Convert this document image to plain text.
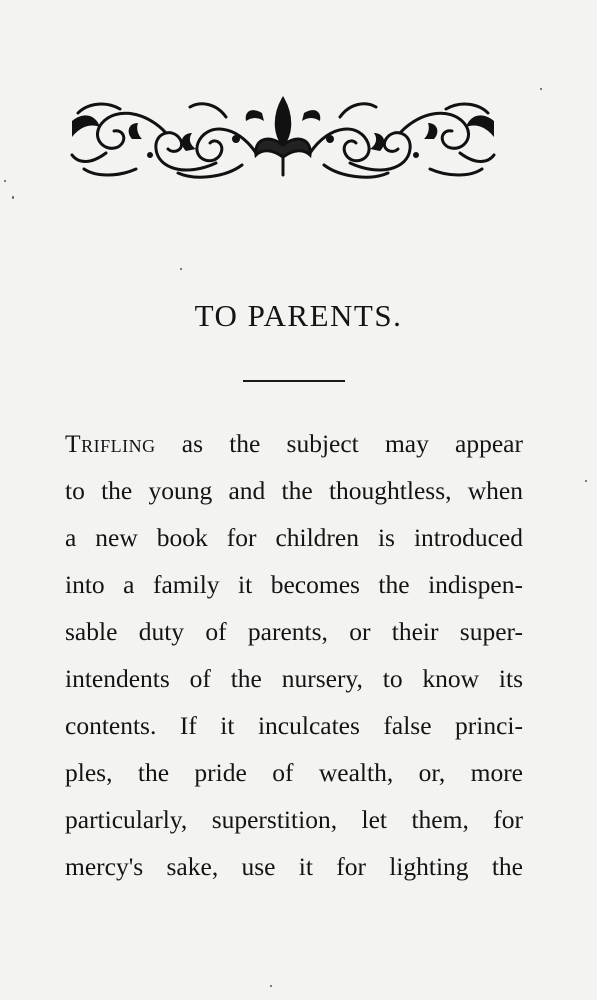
TO PARENTS.
Trifling as the subject may appear
to the young and the thoughtless, when
a new book for children is introduced
into a family it becomes the indispen-
sable duty of parents, or their super-
intendents of the nursery, to know its
contents. If it inculcates false princi-
ples, the pride of wealth, or, more
particularly, superstition, let them, for
mercy's sake, use it for lighting the
